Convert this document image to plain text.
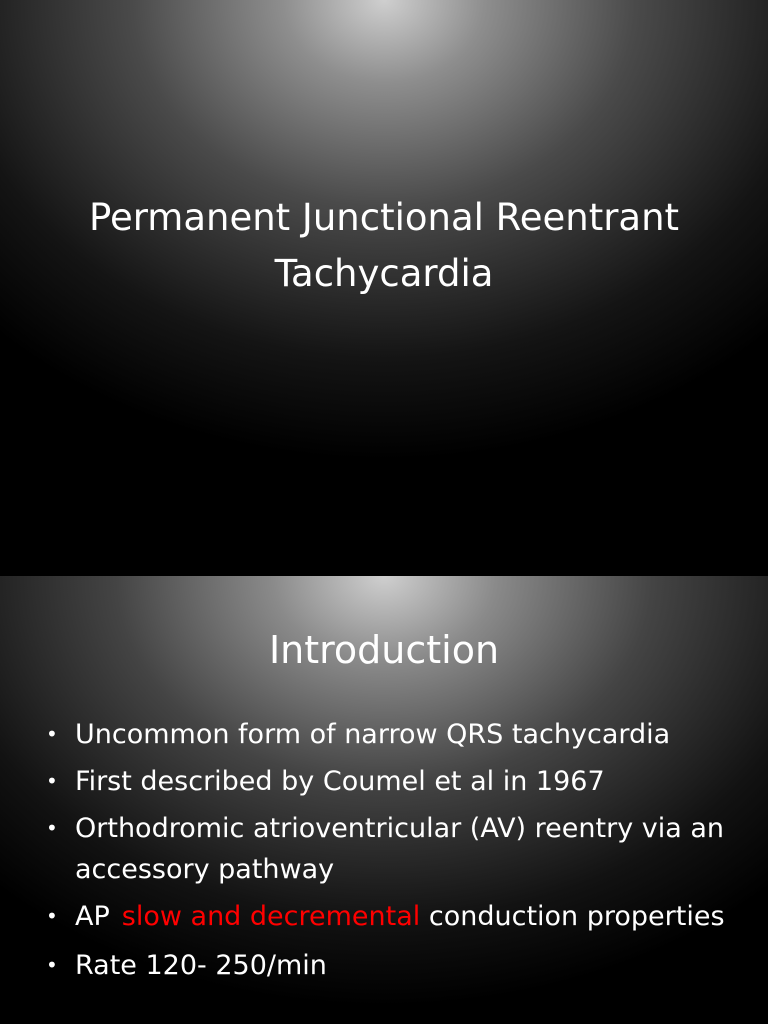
Permanent Junctional Reentrant Tachycardia
Introduction
• Uncommon form of narrow QRS tachycardia
• First described by Coumel et al in 1967
• Orthodromic atrioventricular (AV) reentry via an accessory pathway
• AP slow and decremental conduction properties
• Rate 120- 250/min
